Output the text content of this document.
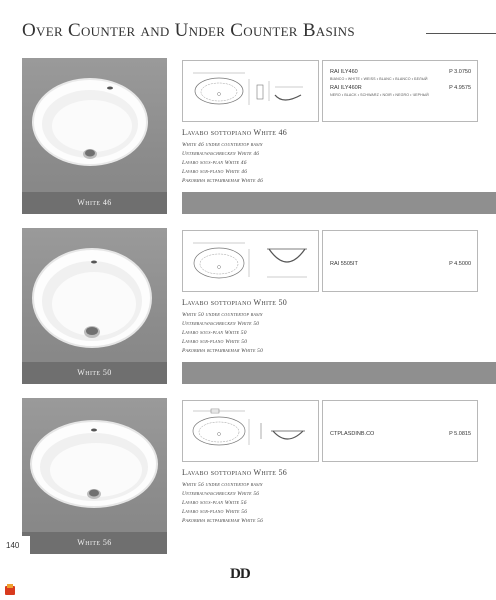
Over Counter and Under Counter Basins
White 46
RAI ILY460	P 3.0750
BIANCO • WHITE • WEISS • BLANC • BLANCO • БЕЛЫЙ
RAI ILY460R	P 4.9575
NERO • BLACK • SCHWARZ • NOIR • NEGRO • ЧЕРНЫЙ
Lavabo sottopiano White 46
White 46 under countertop basin
Unterbauwaschbecken White 46
Lavabo sous-plan White 46
Lavabo sub-plano White 46
Раковина встраиваемая White 46
White 50
RAI 5505IT	P 4.5000
Lavabo sottopiano White 50
White 50 under countertop basin
Unterbauwaschbecken White 50
Lavabo sous-plan White 50
Lavabo sub-plano White 50
Раковина встраиваемая White 50
White 56
CTPLASDINB.CO	P 5.0815
Lavabo sottopiano White 56
White 56 under countertop basin
Unterbauwaschbecken White 56
Lavabo sous-plan White 56
Lavabo sub-plano White 56
Раковина встраиваемая White 56
140
DD
